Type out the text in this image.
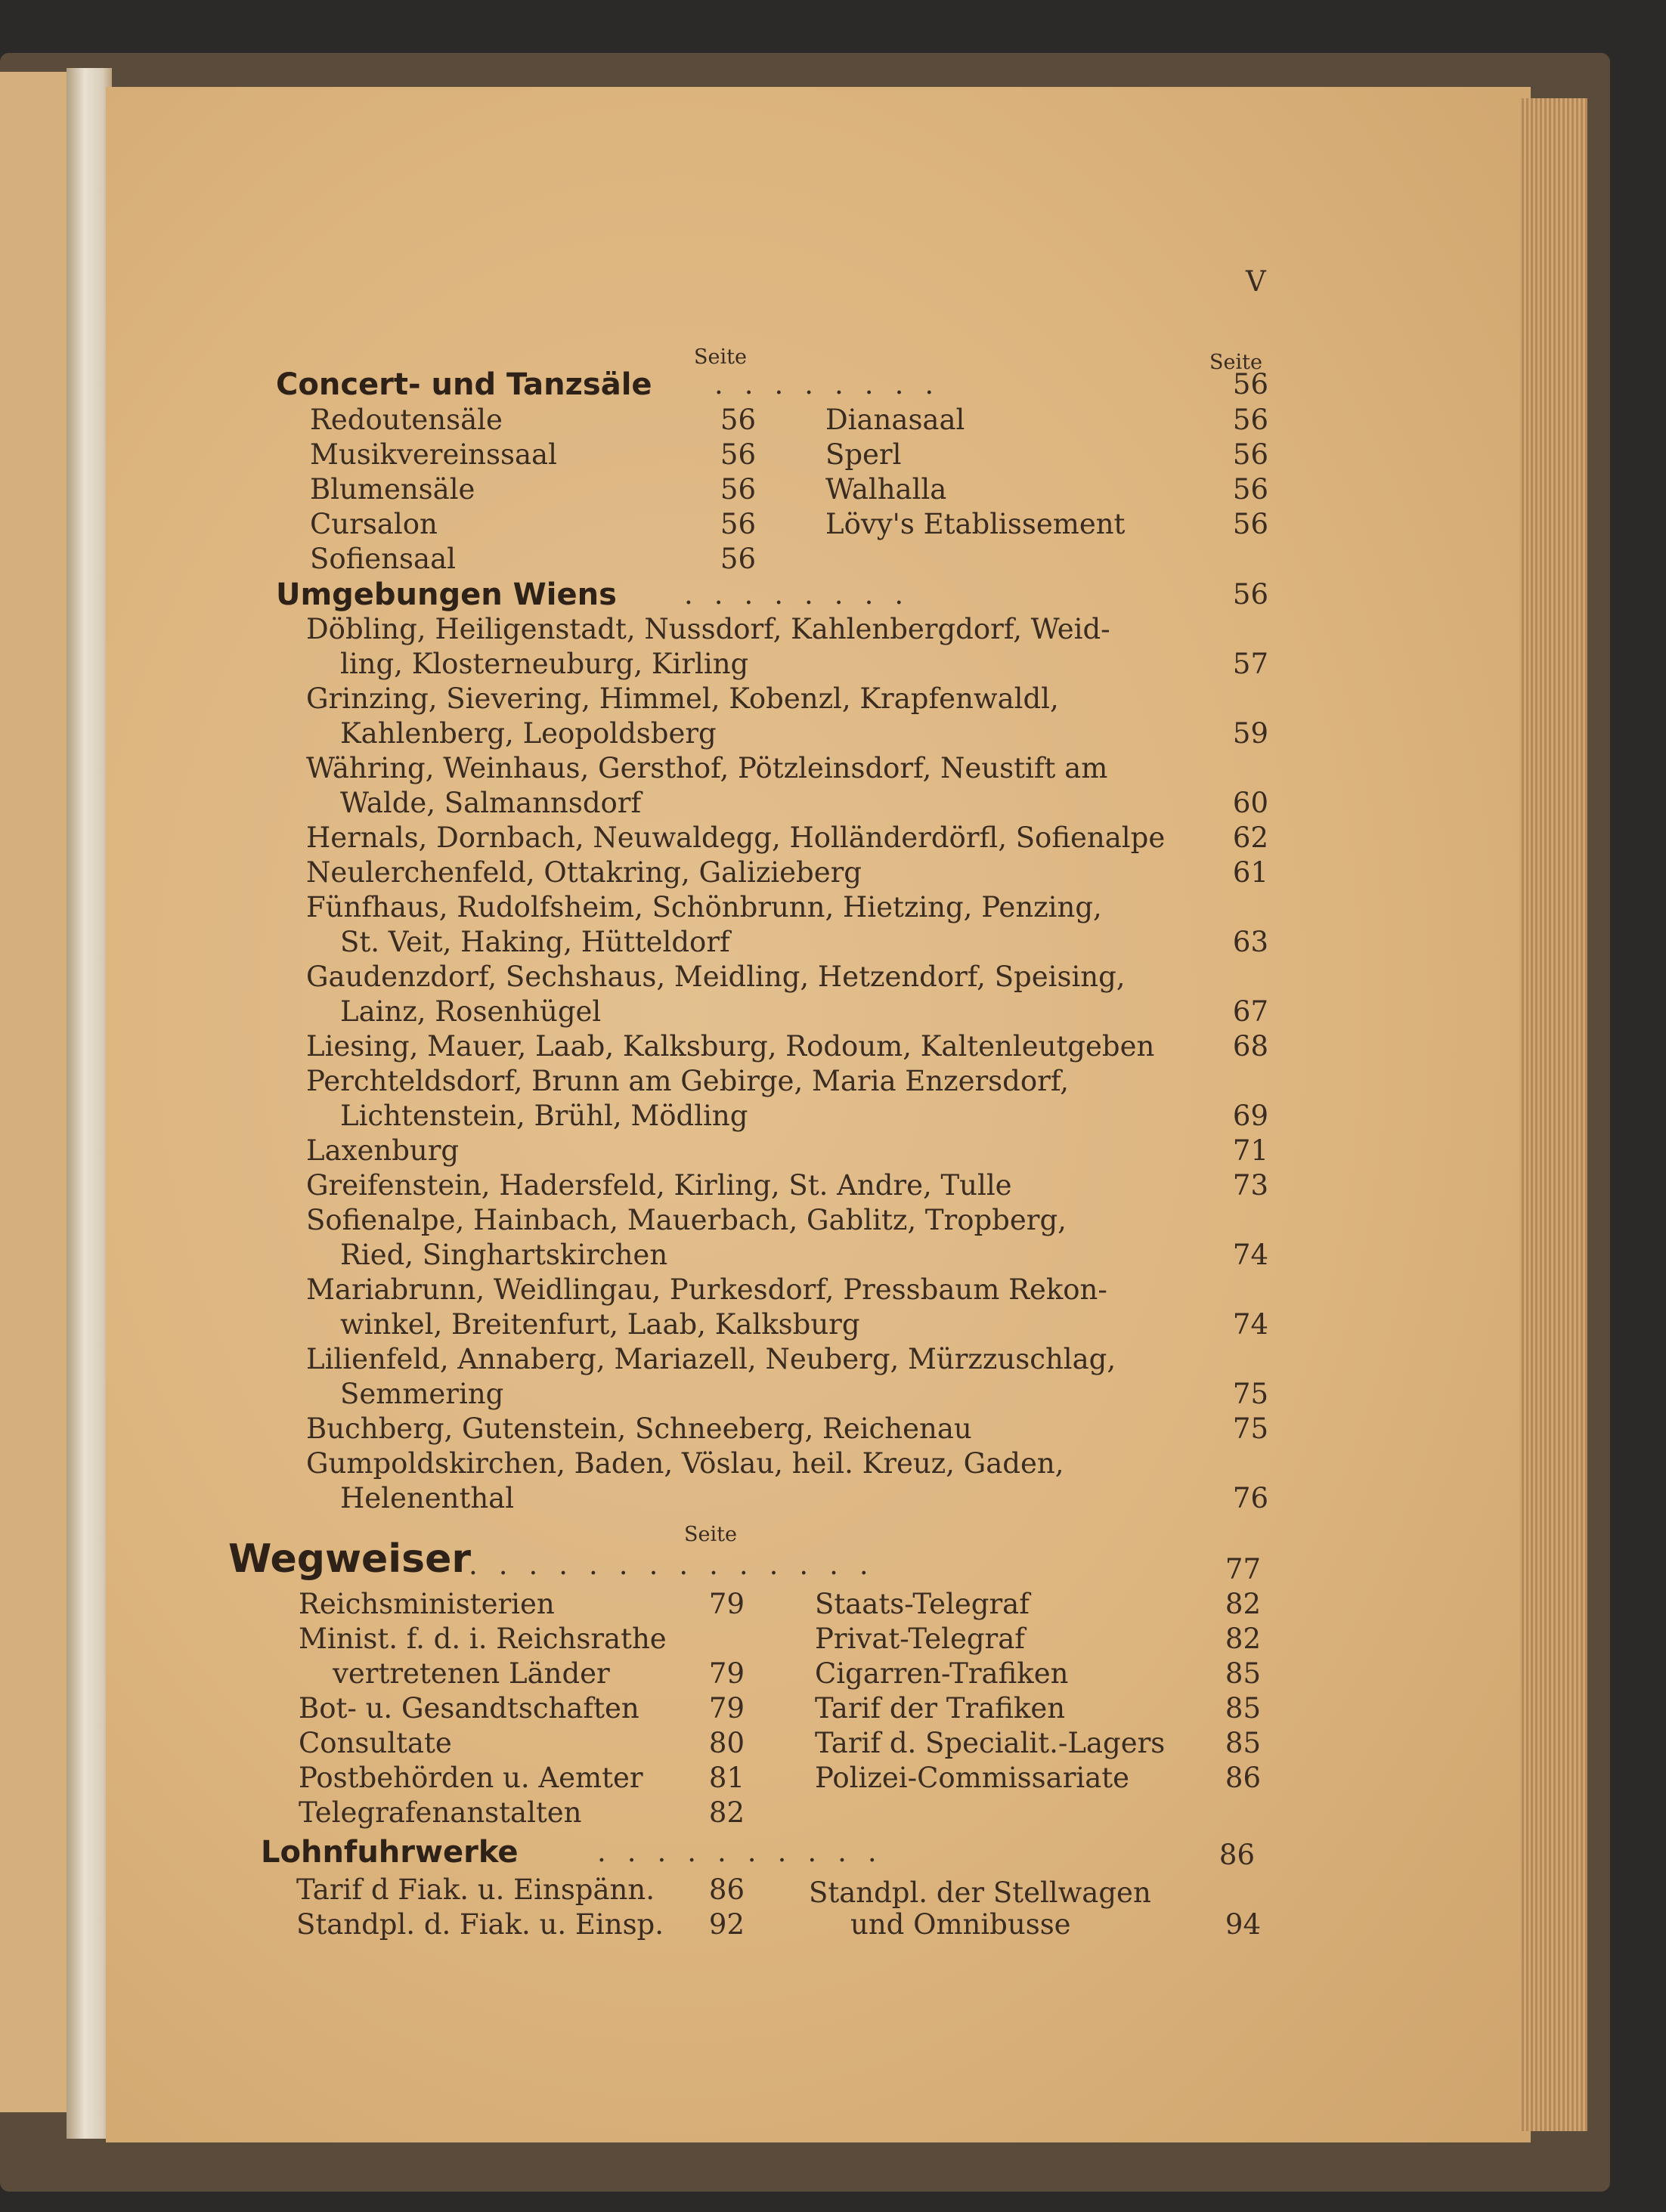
V
Seite	Seite
Concert- und Tanzsäle ........	56
Redoutensäle	56
Musikvereinssaal	56
Blumensäle	56
Cursalon	56
Sofiensaal	56
Dianasaal	56
Sperl	56
Walhalla	56
Lövy's Etablissement	56
Umgebungen Wiens ........	56
Döbling, Heiligenstadt, Nussdorf, Kahlenbergdorf, Weid-
ling, Klosterneuburg, Kirling	57
Grinzing, Sievering, Himmel, Kobenzl, Krapfenwaldl,
Kahlenberg, Leopoldsberg	59
Währing, Weinhaus, Gersthof, Pötzleinsdorf, Neustift am
Walde, Salmannsdorf	60
Hernals, Dornbach, Neuwaldegg, Holländerdörfl, Sofienalpe	62
Neulerchenfeld, Ottakring, Galizieberg	61
Fünfhaus, Rudolfsheim, Schönbrunn, Hietzing, Penzing,
St. Veit, Haking, Hütteldorf	63
Gaudenzdorf, Sechshaus, Meidling, Hetzendorf, Speising,
Lainz, Rosenhügel	67
Liesing, Mauer, Laab, Kalksburg, Rodoum, Kaltenleutgeben	68
Perchteldsdorf, Brunn am Gebirge, Maria Enzersdorf,
Lichtenstein, Brühl, Mödling	69
Laxenburg	71
Greifenstein, Hadersfeld, Kirling, St. Andre, Tulle	73
Sofienalpe, Hainbach, Mauerbach, Gablitz, Tropberg,
Ried, Singhartskirchen	74
Mariabrunn, Weidlingau, Purkesdorf, Pressbaum Rekon-
winkel, Breitenfurt, Laab, Kalksburg	74
Lilienfeld, Annaberg, Mariazell, Neuberg, Mürzzuschlag,
Semmering	75
Buchberg, Gutenstein, Schneeberg, Reichenau	75
Gumpoldskirchen, Baden, Vöslau, heil. Kreuz, Gaden,
Helenenthal	76
Seite
Wegweiser
..............	77
Reichsministerien	79
Minist. f. d. i. Reichsrathe
vertretenen Länder	79
Bot- u. Gesandtschaften	79
Consultate	80
Postbehörden u. Aemter	81
Telegrafenanstalten	82
Staats-Telegraf	82
Privat-Telegraf	82
Cigarren-Trafiken	85
Tarif der Trafiken	85
Tarif d. Specialit.-Lagers	85
Polizei-Commissariate	86
Lohnfuhrwerke	..........	86
Tarif d Fiak. u. Einspänn.	86
Standpl. d. Fiak. u. Einsp.	92
Standpl. der Stellwagen
und Omnibusse	94
